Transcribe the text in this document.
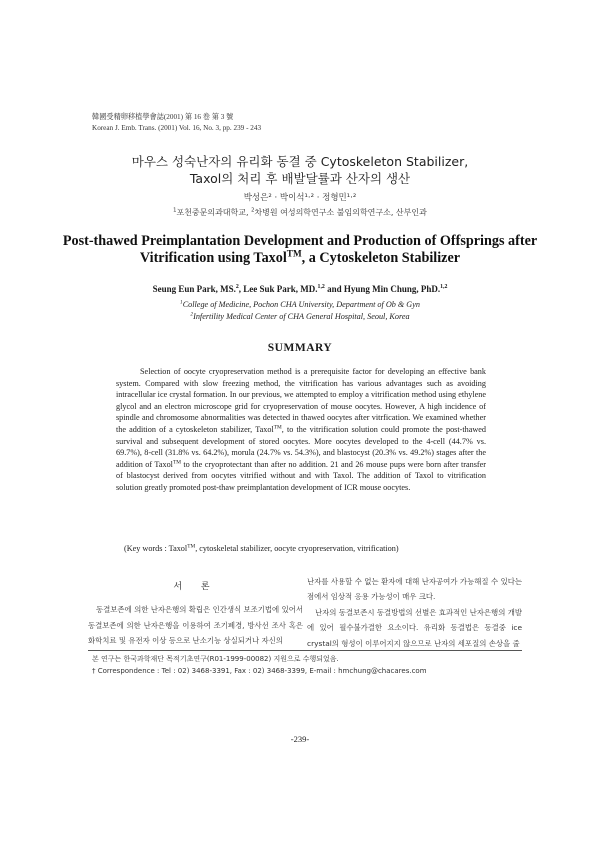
韓國受精卵移植學會誌(2001) 第 16 卷 第 3 號
Korean J. Emb. Trans. (2001) Vol. 16, No. 3, pp. 239 - 243
마우스 성숙난자의 유리화 동결 중 Cytoskeleton Stabilizer,
Taxol의 처리 후 배발달률과 산자의 생산
박성은² · 박이석¹·² · 정형민¹·²
$^1$포천중문의과대학교, $^2$차병원 여성의학연구소 불임의학연구소, 산부인과
Post-thawed Preimplantation Development and Production of Offsprings after Vitrification using Taxol™, a Cytoskeleton Stabilizer
Seung Eun Park, MS.$^2$, Lee Suk Park, MD.$^{1,2}$ and Hyung Min Chung, PhD.$^{1,2}$
$^1$College of Medicine, Pochon CHA University, Department of Ob & Gyn
$^2$Infertility Medical Center of CHA General Hospital, Seoul, Korea
SUMMARY

Selection of oocyte cryopreservation method is a prerequisite factor for developing an effective bank system. Compared with slow freezing method, the vitrification has various advantages such as avoiding intracellular ice crystal formation. In our previous, we attempted to employ a vitrification method using ethylene glycol and an electron microscope grid for cryopreservation of mouse oocytes. However, A high incidence of spindle and chromosome abnormalities was detected in thawed oocytes after vitrfication. We examined whether the addition of a cytoskeleton stabilizer, Taxol™, to the vitrification solution could promote the post-thawed survival and subsequent development of stored oocytes. More oocytes developed to the 4-cell (44.7% vs. 69.7%), 8-cell (31.8% vs. 64.2%), morula (24.7% vs. 54.3%), and blastocyst (20.3% vs. 49.2%) stages after the addition of Taxol™ to the cryoprotectant than after no addition. 21 and 26 mouse pups were born after transfer of blastocyst derived from oocytes vitrified without and with Taxol. The addition of Taxol to vitrification solution greatly promoted post-thaw preimplantation development of ICR mouse oocytes.

(Key words : Taxol™, cytoskeletal stabilizer, oocyte cryopreservation, vitrification)
서 론

동결보존에 의한 난자은행의 확립은 인간생식 보조기법에 있어서 동결보존에 의한 난자은행을 이용하여 조기폐경, 방사선 조사 혹은 화학치료 및 유전자 이상 등으로 난소기능 상실되거나 자신의

난자를 사용할 수 없는 환자에 대해 난자공여가 가능해질 수 있다는 점에서 임상적 응용 가능성이 매우 크다.

난자의 동결보존시 동결방법의 선별은 효과적인 난자은행의 개발에 있어 필수불가결한 요소이다. 유리화 동결법은 동결중 ice crystal의 형성이 이루어지지 않으므로 난자의 세포질의 손상을 줄

본 연구는 한국과학재단 목적기초연구(R01-1999-00082) 지원으로 수행되었음.
† Correspondence : Tel : 02) 3468-3391, Fax : 02) 3468-3399, E-mail : hmchung@chacares.com
-239-
